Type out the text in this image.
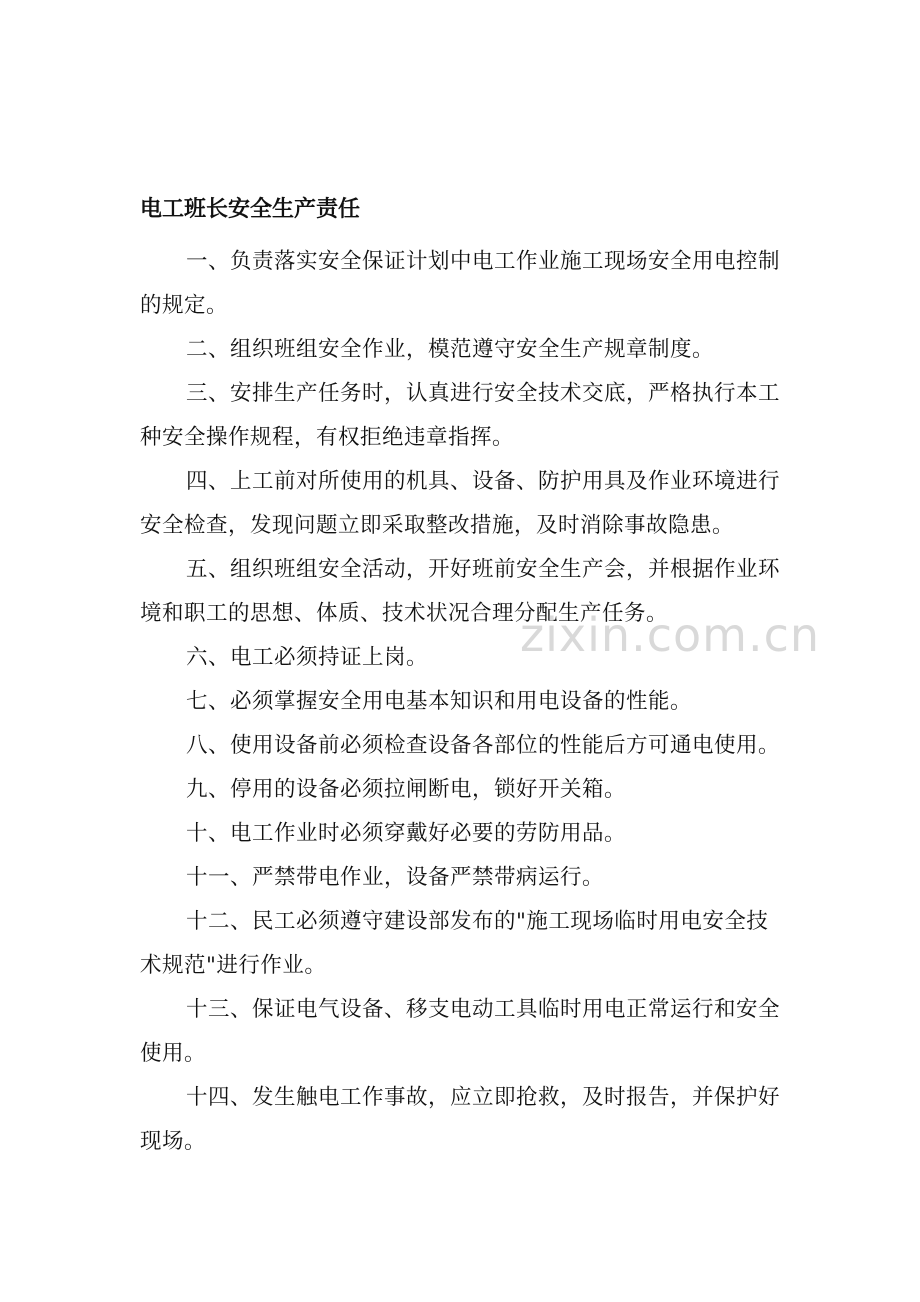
电工班长安全生产责任

一、负责落实安全保证计划中电工作业施工现场安全用电控制的规定。

二、组织班组安全作业，模范遵守安全生产规章制度。

三、安排生产任务时，认真进行安全技术交底，严格执行本工种安全操作规程，有权拒绝违章指挥。

四、上工前对所使用的机具、设备、防护用具及作业环境进行安全检查，发现问题立即采取整改措施，及时消除事故隐患。

五、组织班组安全活动，开好班前安全生产会，并根据作业环境和职工的思想、体质、技术状况合理分配生产任务。

六、电工必须持证上岗。

七、必须掌握安全用电基本知识和用电设备的性能。

八、使用设备前必须检查设备各部位的性能后方可通电使用。

九、停用的设备必须拉闸断电，锁好开关箱。

十、电工作业时必须穿戴好必要的劳防用品。

十一、严禁带电作业，设备严禁带病运行。

十二、民工必须遵守建设部发布的"施工现场临时用电安全技术规范"进行作业。

十三、保证电气设备、移支电动工具临时用电正常运行和安全使用。

十四、发生触电工作事故，应立即抢救，及时报告，并保护好现场。

zixin.com.cn
